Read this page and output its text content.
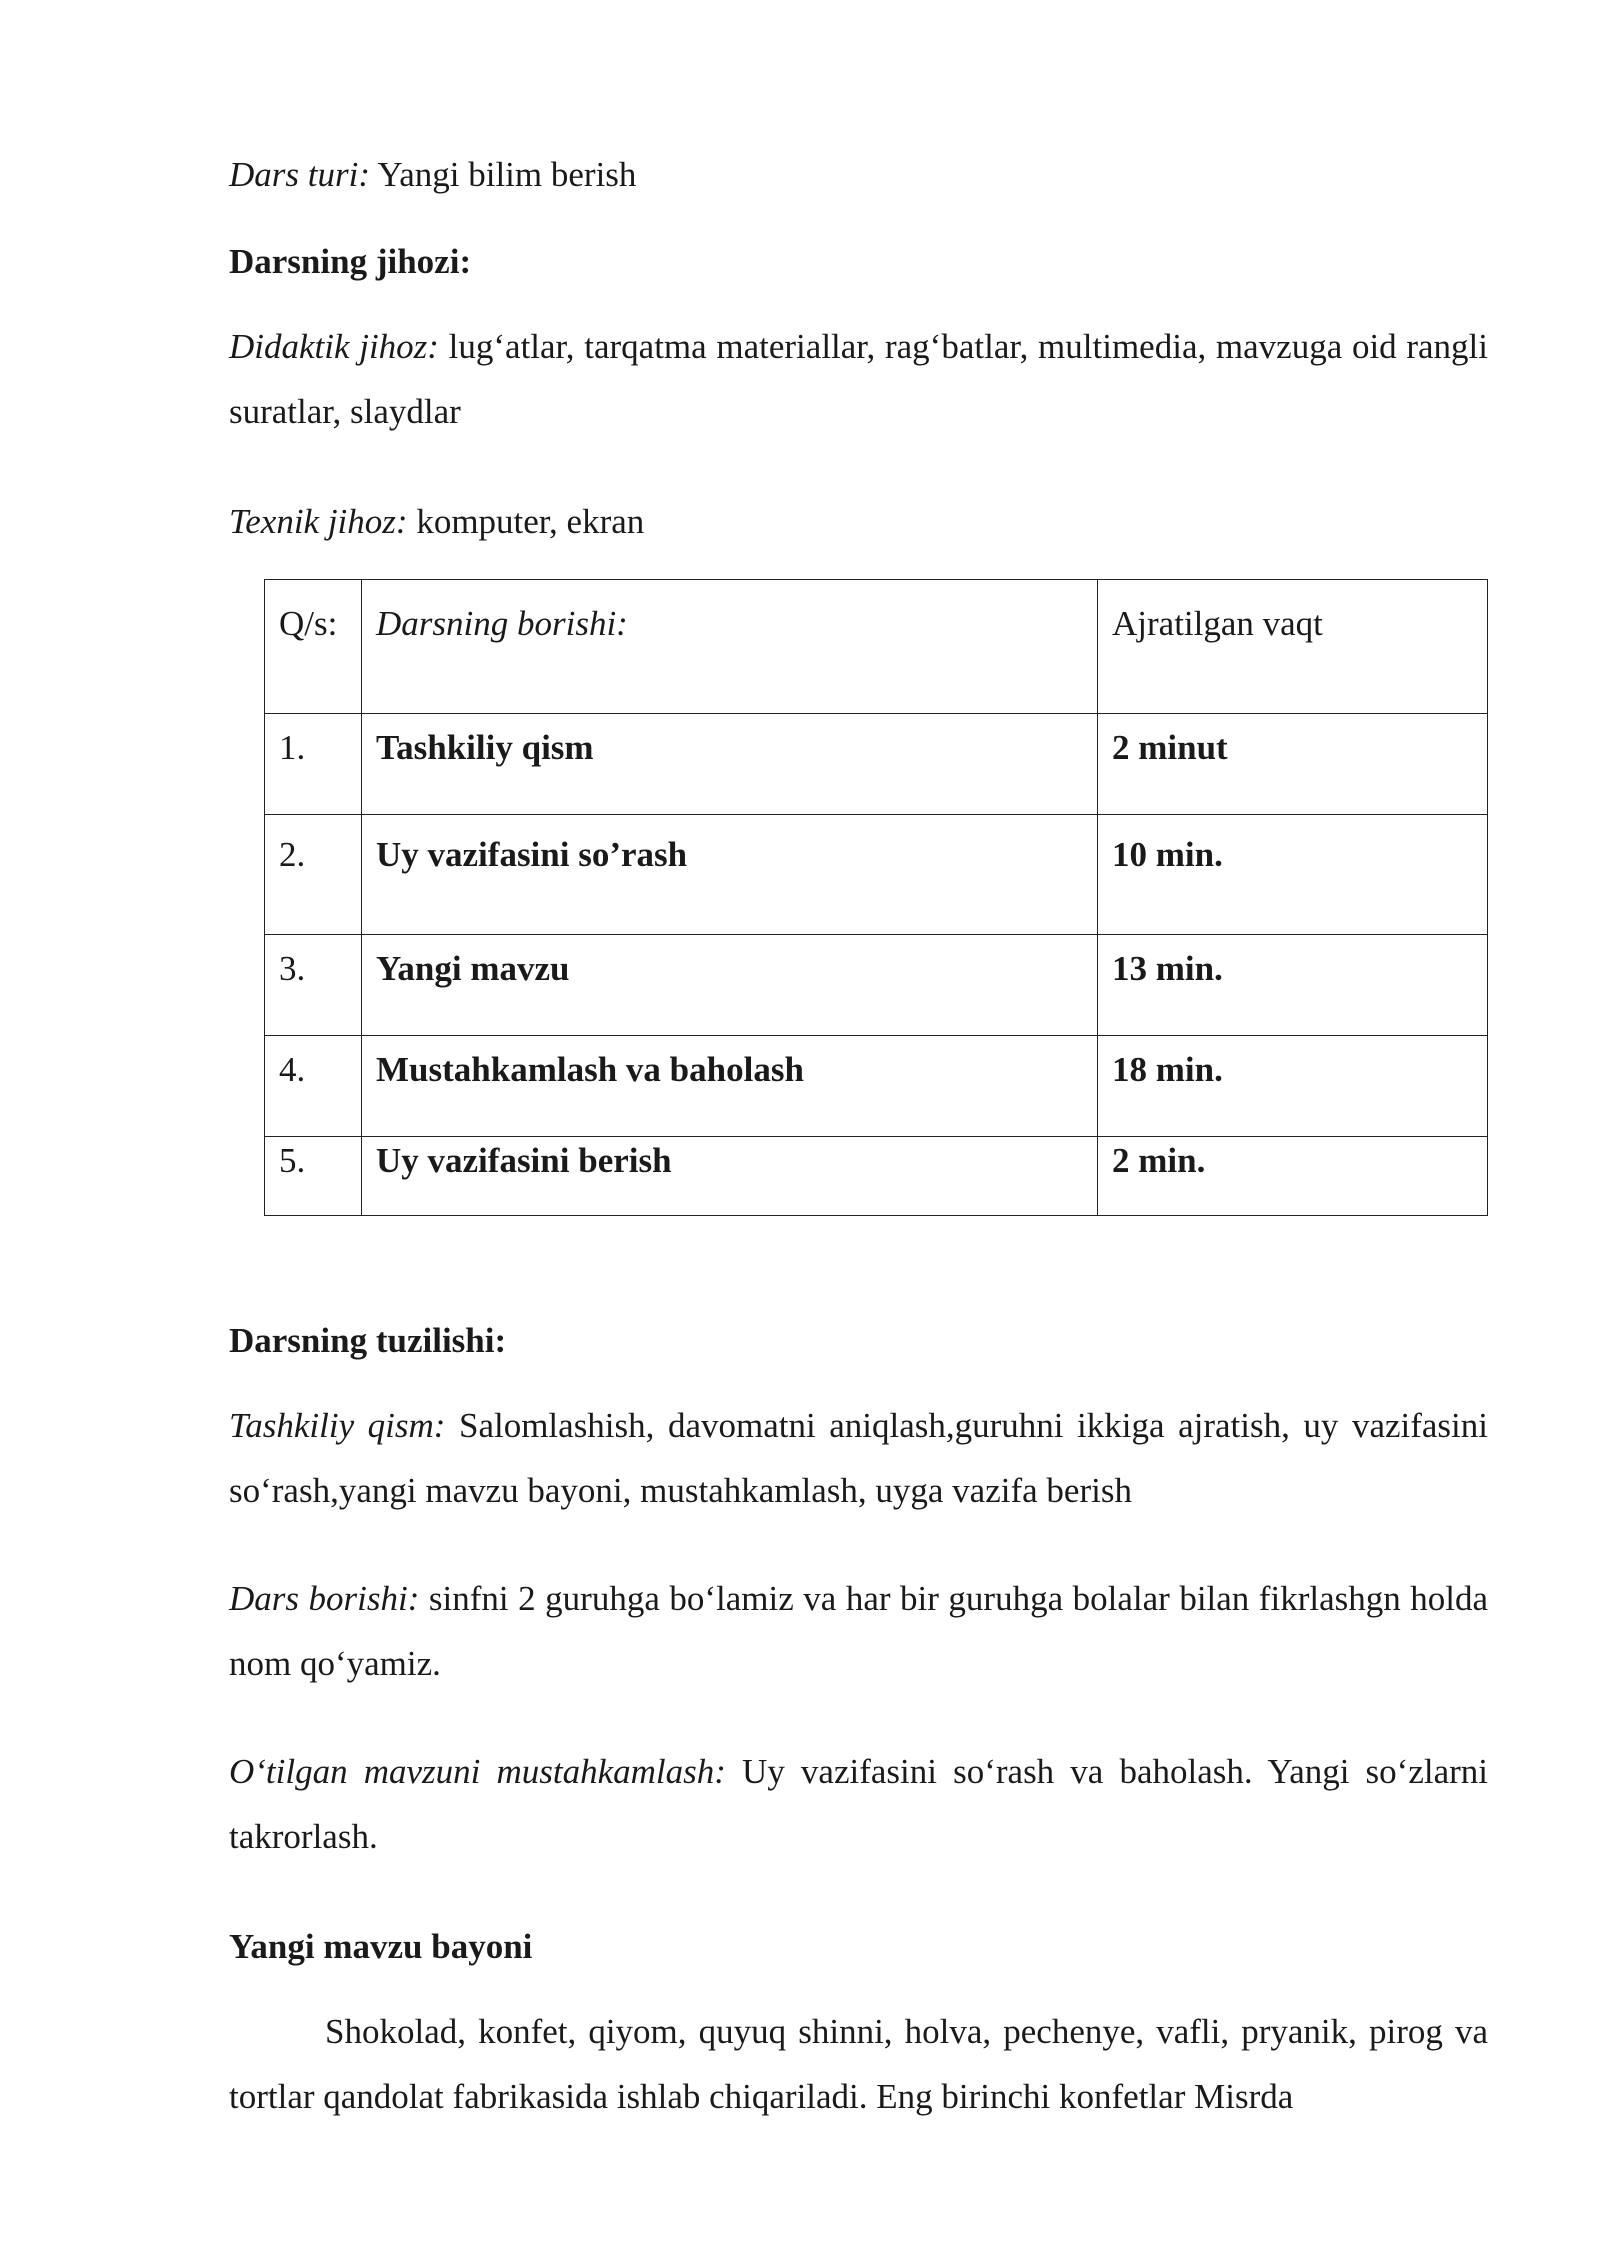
Dars turi: Yangi bilim berish

Darsning jihozi:

Didaktik jihoz: lug‘atlar, tarqatma materiallar, rag‘batlar, multimedia, mavzuga oid rangli suratlar, slaydlar

Texnik jihoz: komputer, ekran

Q/s:	Darsning borishi:	Ajratilgan vaqt
1.	Tashkiliy qism	2 minut
2.	Uy vazifasini so’rash	10 min.
3.	Yangi mavzu	13 min.
4.	Mustahkamlash va baholash	18 min.
5.	Uy vazifasini berish	2 min.

Darsning tuzilishi:

Tashkiliy qism: Salomlashish, davomatni aniqlash,guruhni ikkiga ajratish, uy vazifasini so‘rash,yangi mavzu bayoni, mustahkamlash, uyga vazifa berish

Dars borishi: sinfni 2 guruhga bo‘lamiz va har bir guruhga bolalar bilan fikrlashgn holda nom qo‘yamiz.

O‘tilgan mavzuni mustahkamlash: Uy vazifasini so‘rash va baholash. Yangi so‘zlarni takrorlash.

Yangi mavzu bayoni

Shokolad, konfet, qiyom, quyuq shinni, holva, pechenye, vafli, pryanik, pirog va tortlar qandolat fabrikasida ishlab chiqariladi. Eng birinchi konfetlar Misrda
